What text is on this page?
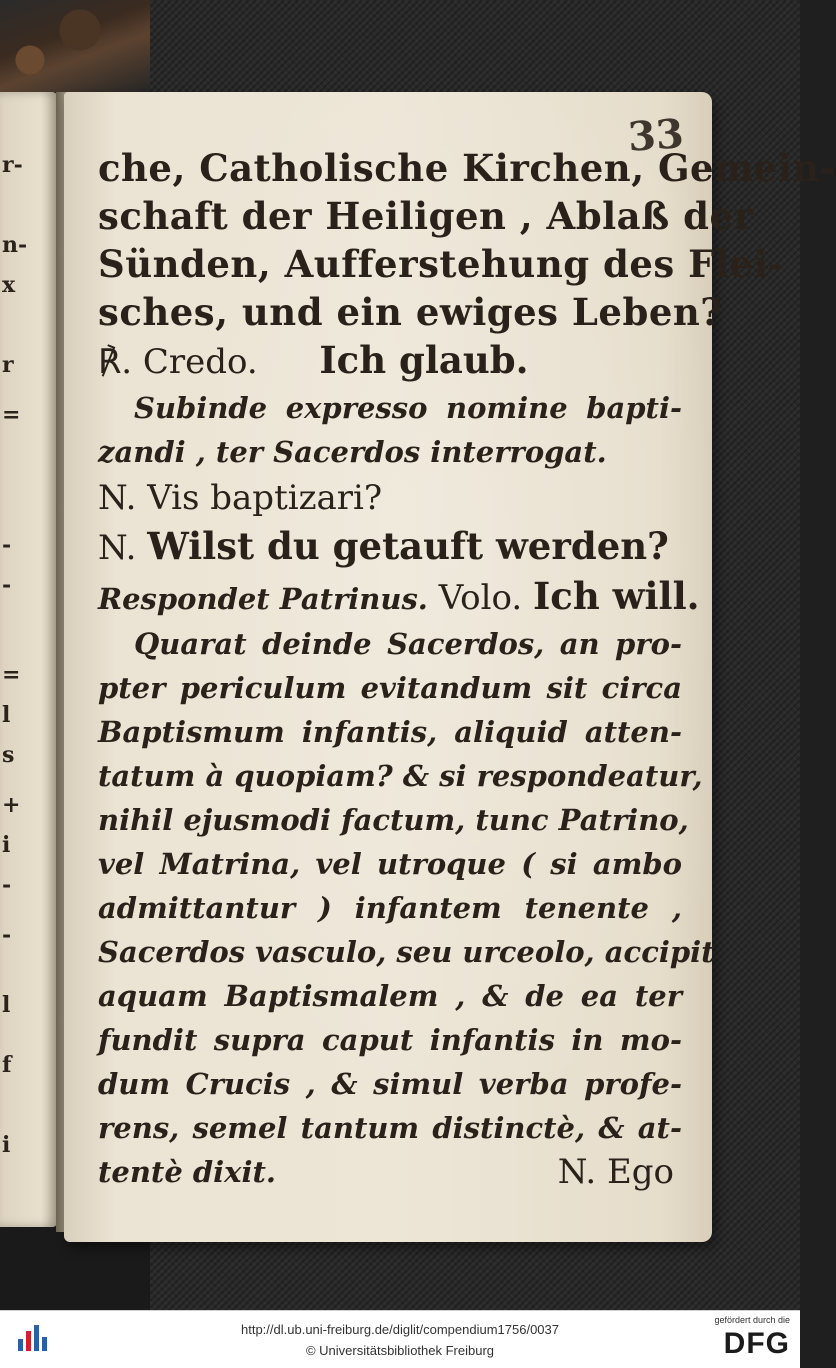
r-
n-
x
r
=
-
-
=
l
s
+
i
-
-
l
f
i
33
che, Catholische Kirchen, Gemein-
schaft der Heiligen , Ablaß der
Sünden, Aufferstehung des Flei-
sches, und ein ewiges Leben?
℟. Credo. Ich glaub.
Subinde expresso nomine bapti-
zandi , ter Sacerdos interrogat.
N. Vis baptizari?
N. Wilst du getauft werden?
Respondet Patrinus. Volo. Ich will.
Quarat deinde Sacerdos, an pro-
pter periculum evitandum sit circa
Baptismum infantis, aliquid atten-
tatum à quopiam? & si respondeatur,
nihil ejusmodi factum, tunc Patrino,
vel Matrina, vel utroque ( si ambo
admittantur ) infantem tenente ,
Sacerdos vasculo, seu urceolo, accipit
aquam Baptismalem , & de ea ter
fundit supra caput infantis in mo-
dum Crucis , & simul verba profe-
rens, semel tantum distinctè, & at-
tentè dixit.	N. Ego
http://dl.ub.uni-freiburg.de/diglit/compendium1756/0037
© Universitätsbibliothek Freiburg
gefördert durch die
DFG
